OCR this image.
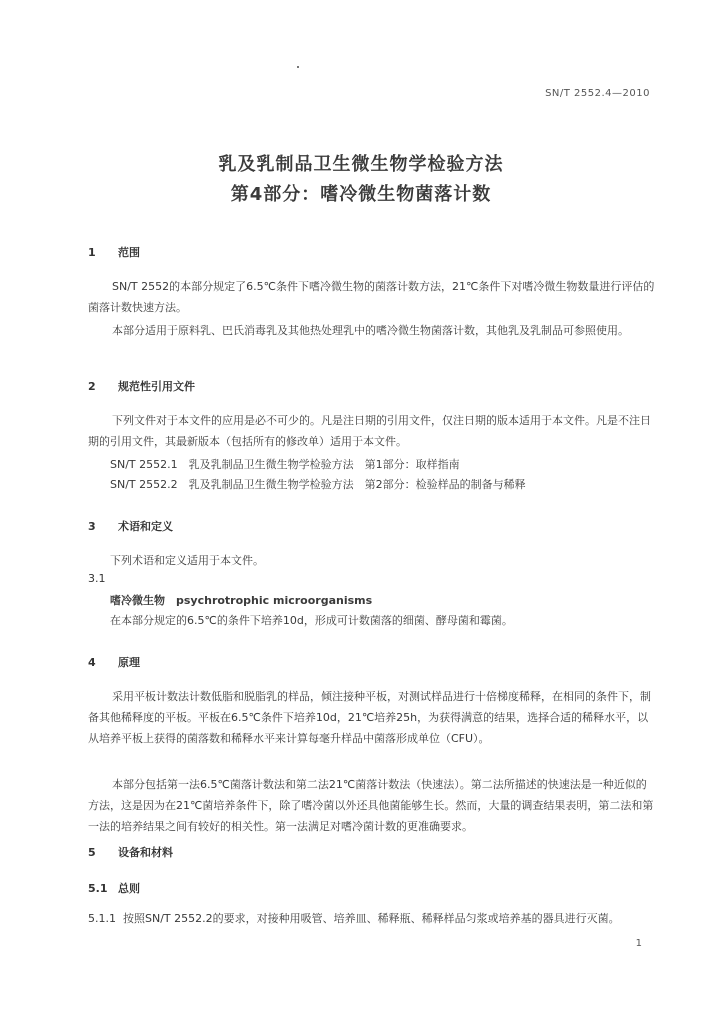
SN/T 2552.4—2010
乳及乳制品卫生微生物学检验方法
第4部分：嗜冷微生物菌落计数
1 范围
SN/T 2552的本部分规定了6.5℃条件下嗜冷微生物的菌落计数方法，21℃条件下对嗜冷微生物数量进行评估的菌落计数快速方法。
本部分适用于原料乳、巴氏消毒乳及其他热处理乳中的嗜冷微生物菌落计数，其他乳及乳制品可参照使用。
2 规范性引用文件
下列文件对于本文件的应用是必不可少的。凡是注日期的引用文件，仅注日期的版本适用于本文件。凡是不注日期的引用文件，其最新版本（包括所有的修改单）适用于本文件。
SN/T 2552.1　乳及乳制品卫生微生物学检验方法　第1部分：取样指南
SN/T 2552.2　乳及乳制品卫生微生物学检验方法　第2部分：检验样品的制备与稀释
3 术语和定义
下列术语和定义适用于本文件。
3.1
嗜冷微生物　psychrotrophic microorganisms
在本部分规定的6.5℃的条件下培养10d，形成可计数菌落的细菌、酵母菌和霉菌。
4 原理
采用平板计数法计数低脂和脱脂乳的样品，倾注接种平板，对测试样品进行十倍梯度稀释，在相同的条件下，制备其他稀释度的平板。平板在6.5℃条件下培养10d，21℃培养25h，为获得满意的结果，选择合适的稀释水平，以从培养平板上获得的菌落数和稀释水平来计算每毫升样品中菌落形成单位（CFU）。
本部分包括第一法6.5℃菌落计数法和第二法21℃菌落计数法（快速法）。第二法所描述的快速法是一种近似的方法，这是因为在21℃菌培养条件下，除了嗜冷菌以外还具他菌能够生长。然而，大量的调查结果表明，第二法和第一法的培养结果之间有较好的相关性。第一法满足对嗜冷菌计数的更准确要求。
5 设备和材料
5.1 总则
5.1.1 按照SN/T 2552.2的要求，对接种用吸管、培养皿、稀释瓶、稀释样品匀浆或培养基的器具进行灭菌。
1
